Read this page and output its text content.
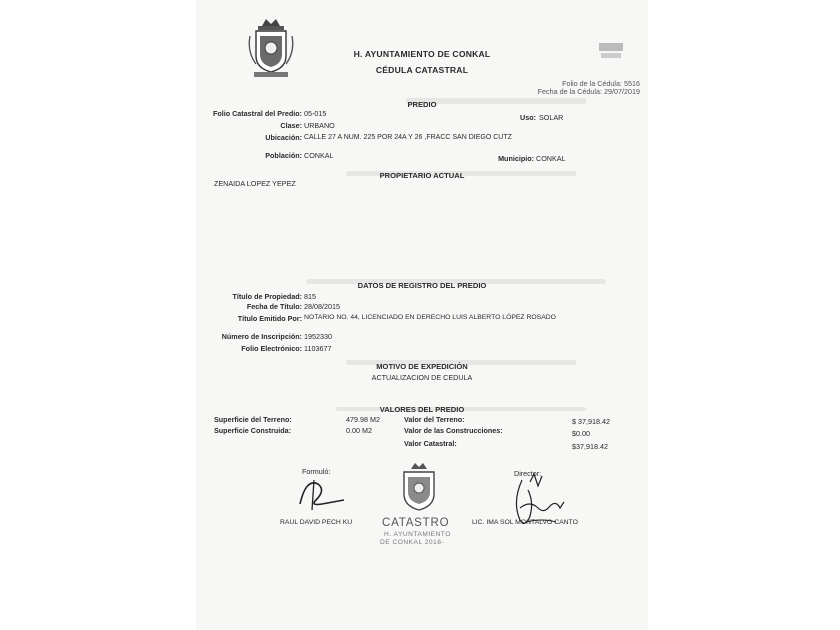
H. AYUNTAMIENTO DE CONKAL
CÉDULA CATASTRAL
Folio de la Cédula: 5516
Fecha de la Cédula: 29/07/2019
PREDIO
Folio Catastral del Predio: 05-015	Uso: SOLAR
Clase: URBANO
Ubicación: CALLE 27 A NUM. 225 POR 24A Y 26 ,FRACC SAN DIEGO CUTZ
Población: CONKAL	Municipio: CONKAL
PROPIETARIO ACTUAL
ZENAIDA LOPEZ YEPEZ
DATOS DE REGISTRO DEL PREDIO
Título de Propiedad: 815
Fecha de Título: 28/08/2015
Título Emitido Por: NOTARIO NO. 44, LICENCIADO EN DERECHO LUIS ALBERTO LÓPEZ ROSADO
Número de Inscripción: 1952330
Folio Electrónico: 1103677
MOTIVO DE EXPEDICIÓN
ACTUALIZACION DE CEDULA
VALORES DEL PREDIO
Superficie del Terreno:	479.98 M2	Valor del Terreno:	$ 37,918.42
Superficie Construida:	0.00 M2	Valor de las Construcciones:	$0.00
Valor Catastral:	$37,918.42
Formuló:
RAUL DAVID PECH KU	CATASTRO
H. AYUNTAMIENTO
DE CONKAL 2018-
Director:
LIC. IMA SOL MONTALVO CANTO
